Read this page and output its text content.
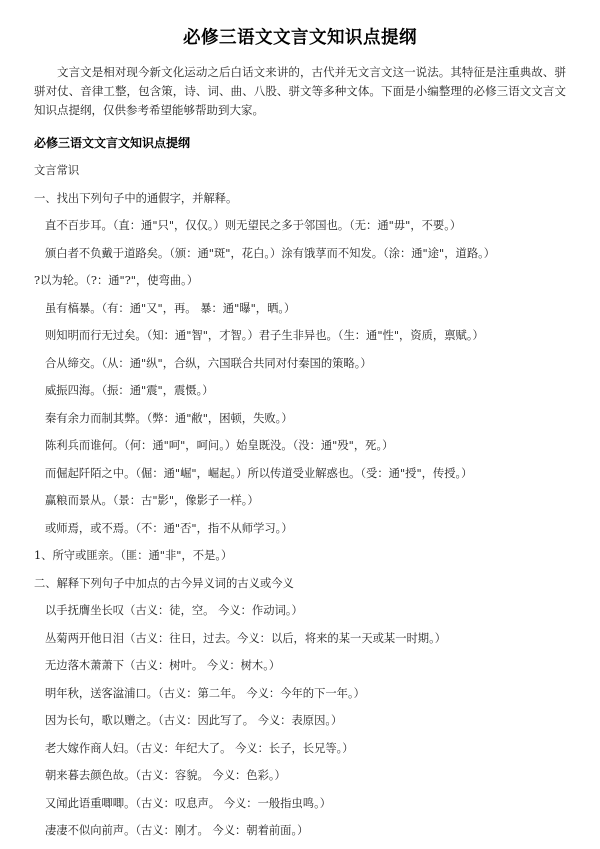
必修三语文文言文知识点提纲

文言文是相对现今新文化运动之后白话文来讲的，古代并无文言文这一说法。其特征是注重典故、骈骈对仗、音律工整，包含策，诗、词、曲、八股、骈文等多种文体。下面是小编整理的必修三语文文言文知识点提纲，仅供参考希望能够帮助到大家。

必修三语文文言文知识点提纲
文言常识
一、找出下列句子中的通假字，并解释。
直不百步耳。（直：通"只"，仅仅。）则无望民之多于邻国也。（无：通"毋"，不要。）
颁白者不负戴于道路矣。（颁：通"斑"，花白。）涂有饿莩而不知发。（涂：通"途"，道路。）
?以为轮。（?：通"?"，使弯曲。）
虽有槁暴。（有：通"又"，再。 暴：通"曝"，晒。）
则知明而行无过矣。（知：通"智"，才智。）君子生非异也。（生：通"性"，资质，禀赋。）
合从缔交。（从：通"纵"，合纵，六国联合共同对付秦国的策略。）
威振四海。（振：通"震"，震慑。）
秦有余力而制其弊。（弊：通"敝"，困顿，失败。）
陈利兵而谁何。（何：通"呵"，呵问。）始皇既没。（没：通"殁"，死。）
而倔起阡陌之中。（倔：通"崛"，崛起。）所以传道受业解惑也。（受：通"授"，传授。）
赢粮而景从。（景：古"影"，像影子一样。）
或师焉，或不焉。（不：通"否"，指不从师学习。）
1、所守或匪亲。（匪：通"非"，不是。）
二、解释下列句子中加点的古今异义词的古义或今义
以手抚膺坐长叹（古义：徒，空。 今义：作动词。）
丛菊两开他日泪（古义：往日，过去。今义：以后，将来的某一天或某一时期。）
无边落木萧萧下（古义：树叶。 今义：树木。）
明年秋，送客湓浦口。（古义：第二年。 今义：今年的下一年。）
因为长句，歌以赠之。（古义：因此写了。 今义：表原因。）
老大嫁作商人妇。（古义：年纪大了。 今义：长子，长兄等。）
朝来暮去颜色故。（古义：容貌。 今义：色彩。）
又闻此语重唧唧。（古义：叹息声。 今义：一般指虫鸣。）
凄凄不似向前声。（古义：刚才。 今义：朝着前面。）
